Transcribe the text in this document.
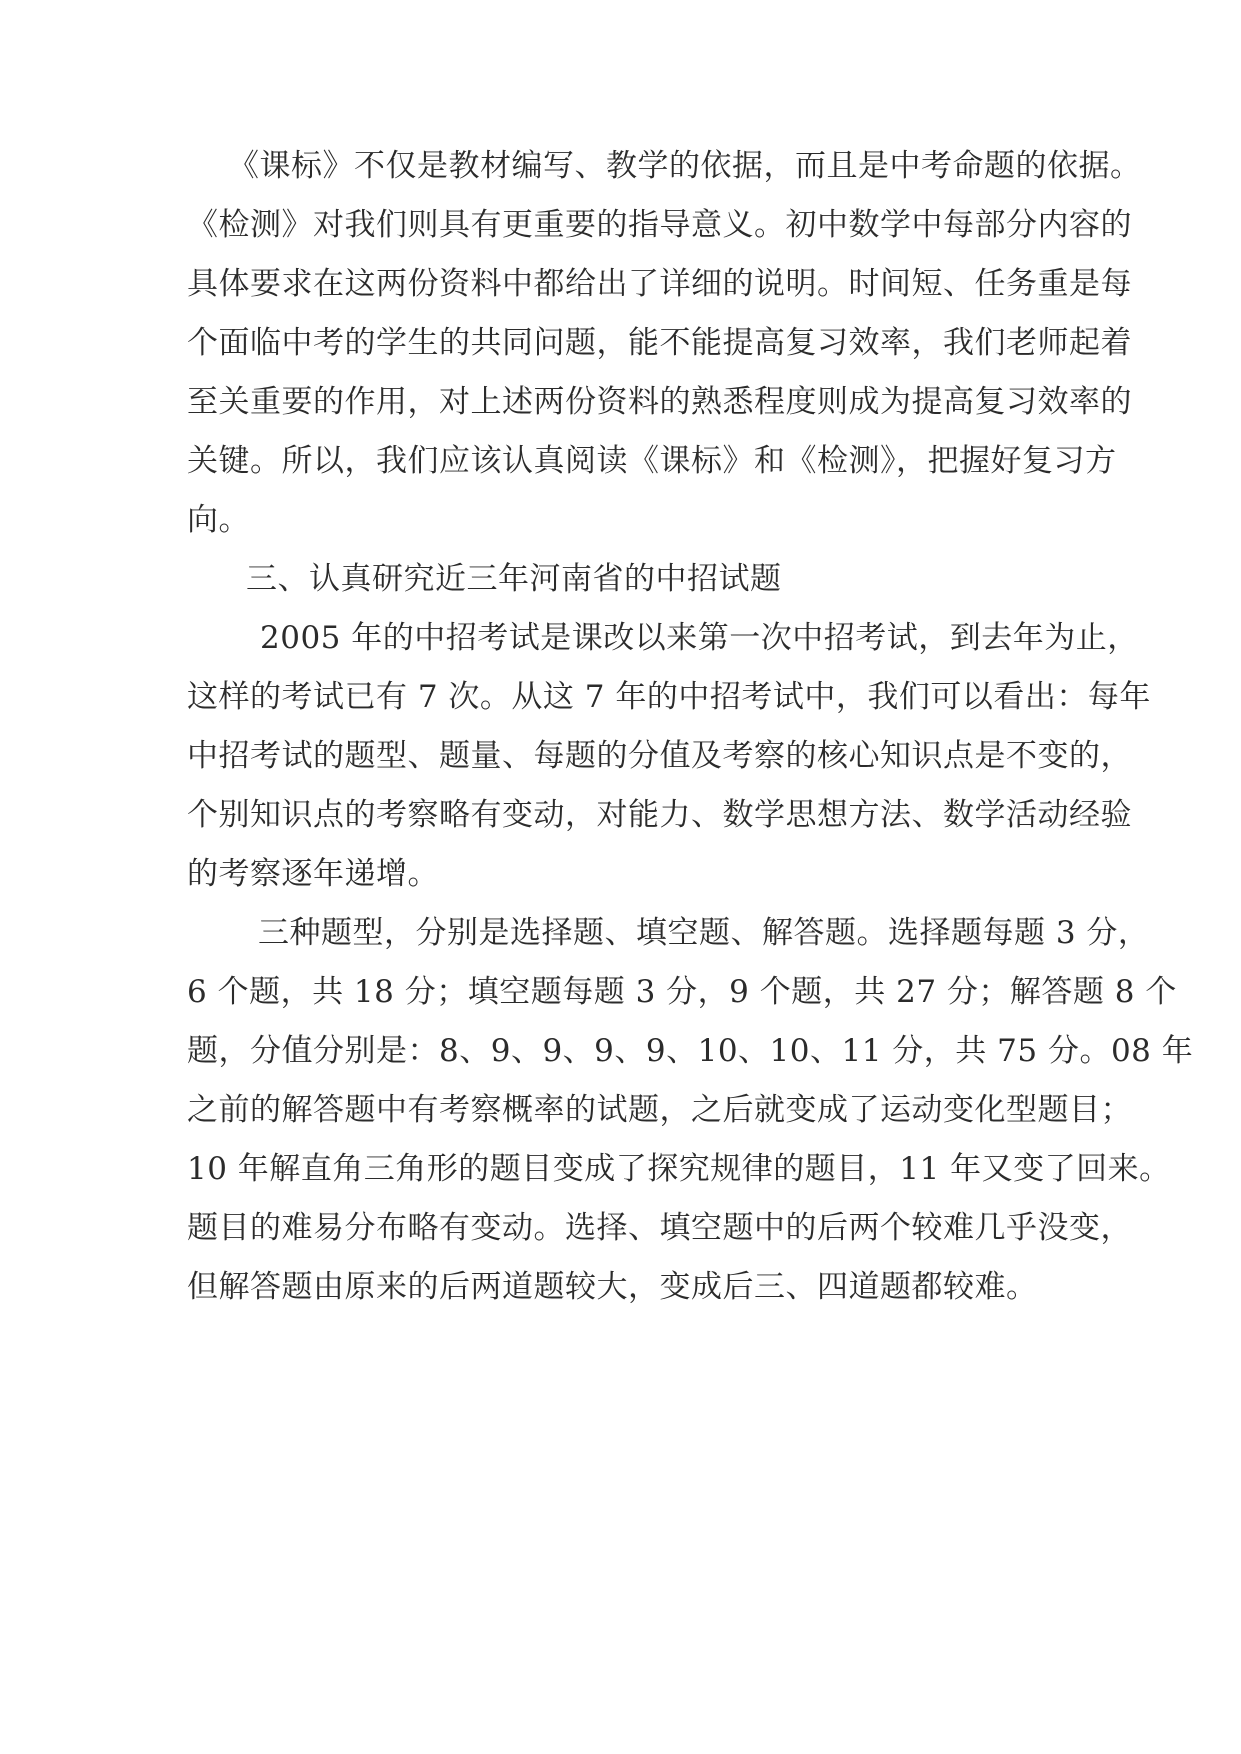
《课标》不仅是教材编写、教学的依据，而且是中考命题的依据。

《检测》对我们则具有更重要的指导意义。初中数学中每部分内容的

具体要求在这两份资料中都给出了详细的说明。时间短、任务重是每

个面临中考的学生的共同问题，能不能提高复习效率，我们老师起着

至关重要的作用，对上述两份资料的熟悉程度则成为提高复习效率的

关键。所以，我们应该认真阅读《课标》和《检测》，把握好复习方

向。

三、认真研究近三年河南省的中招试题

2005 年的中招考试是课改以来第一次中招考试，到去年为止，

这样的考试已有 7 次。从这 7 年的中招考试中，我们可以看出：每年

中招考试的题型、题量、每题的分值及考察的核心知识点是不变的，

个别知识点的考察略有变动，对能力、数学思想方法、数学活动经验

的考察逐年递增。

三种题型，分别是选择题、填空题、解答题。选择题每题 3 分，

6 个题，共 18 分；填空题每题 3 分，9 个题，共 27 分；解答题 8 个

题，分值分别是：8、9、9、9、9、10、10、11 分，共 75 分。08 年

之前的解答题中有考察概率的试题，之后就变成了运动变化型题目；

10 年解直角三角形的题目变成了探究规律的题目，11 年又变了回来。

题目的难易分布略有变动。选择、填空题中的后两个较难几乎没变，

但解答题由原来的后两道题较大，变成后三、四道题都较难。
